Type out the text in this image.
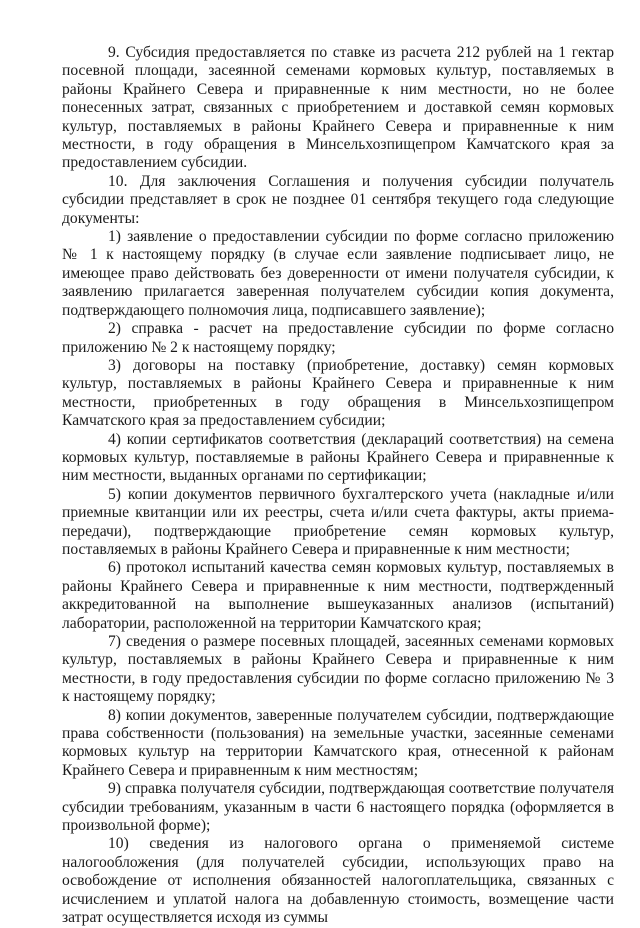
9. Субсидия предоставляется по ставке из расчета 212 рублей на 1 гектар посевной площади, засеянной семенами кормовых культур, поставляемых в районы Крайнего Севера и приравненные к ним местности, но не более понесенных затрат, связанных с приобретением и доставкой семян кормовых культур, поставляемых в районы Крайнего Севера и приравненные к ним местности, в году обращения в Минсельхозпищепром Камчатского края за предоставлением субсидии.

10. Для заключения Соглашения и получения субсидии получатель субсидии представляет в срок не позднее 01 сентября текущего года следующие документы:

1) заявление о предоставлении субсидии по форме согласно приложению № 1 к настоящему порядку (в случае если заявление подписывает лицо, не имеющее право действовать без доверенности от имени получателя субсидии, к заявлению прилагается заверенная получателем субсидии копия документа, подтверждающего полномочия лица, подписавшего заявление);

2) справка - расчет на предоставление субсидии по форме согласно приложению № 2 к настоящему порядку;

3) договоры на поставку (приобретение, доставку) семян кормовых культур, поставляемых в районы Крайнего Севера и приравненные к ним местности, приобретенных в году обращения в Минсельхозпищепром Камчатского края за предоставлением субсидии;

4) копии сертификатов соответствия (деклараций соответствия) на семена кормовых культур, поставляемые в районы Крайнего Севера и приравненные к ним местности, выданных органами по сертификации;

5) копии документов первичного бухгалтерского учета (накладные и/или приемные квитанции или их реестры, счета и/или счета фактуры, акты приема-передачи), подтверждающие приобретение семян кормовых культур, поставляемых в районы Крайнего Севера и приравненные к ним местности;

6) протокол испытаний качества семян кормовых культур, поставляемых в районы Крайнего Севера и приравненные к ним местности, подтвержденный аккредитованной на выполнение вышеуказанных анализов (испытаний) лаборатории, расположенной на территории Камчатского края;

7) сведения о размере посевных площадей, засеянных семенами кормовых культур, поставляемых в районы Крайнего Севера и приравненные к ним местности, в году предоставления субсидии по форме согласно приложению № 3 к настоящему порядку;

8) копии документов, заверенные получателем субсидии, подтверждающие права собственности (пользования) на земельные участки, засеянные семенами кормовых культур на территории Камчатского края, отнесенной к районам Крайнего Севера и приравненным к ним местностям;

9) справка получателя субсидии, подтверждающая соответствие получателя субсидии требованиям, указанным в части 6 настоящего порядка (оформляется в произвольной форме);

10) сведения из налогового органа о применяемой системе налогообложения (для получателей субсидии, использующих право на освобождение от исполнения обязанностей налогоплательщика, связанных с исчислением и уплатой налога на добавленную стоимость, возмещение части затрат осуществляется исходя из суммы
